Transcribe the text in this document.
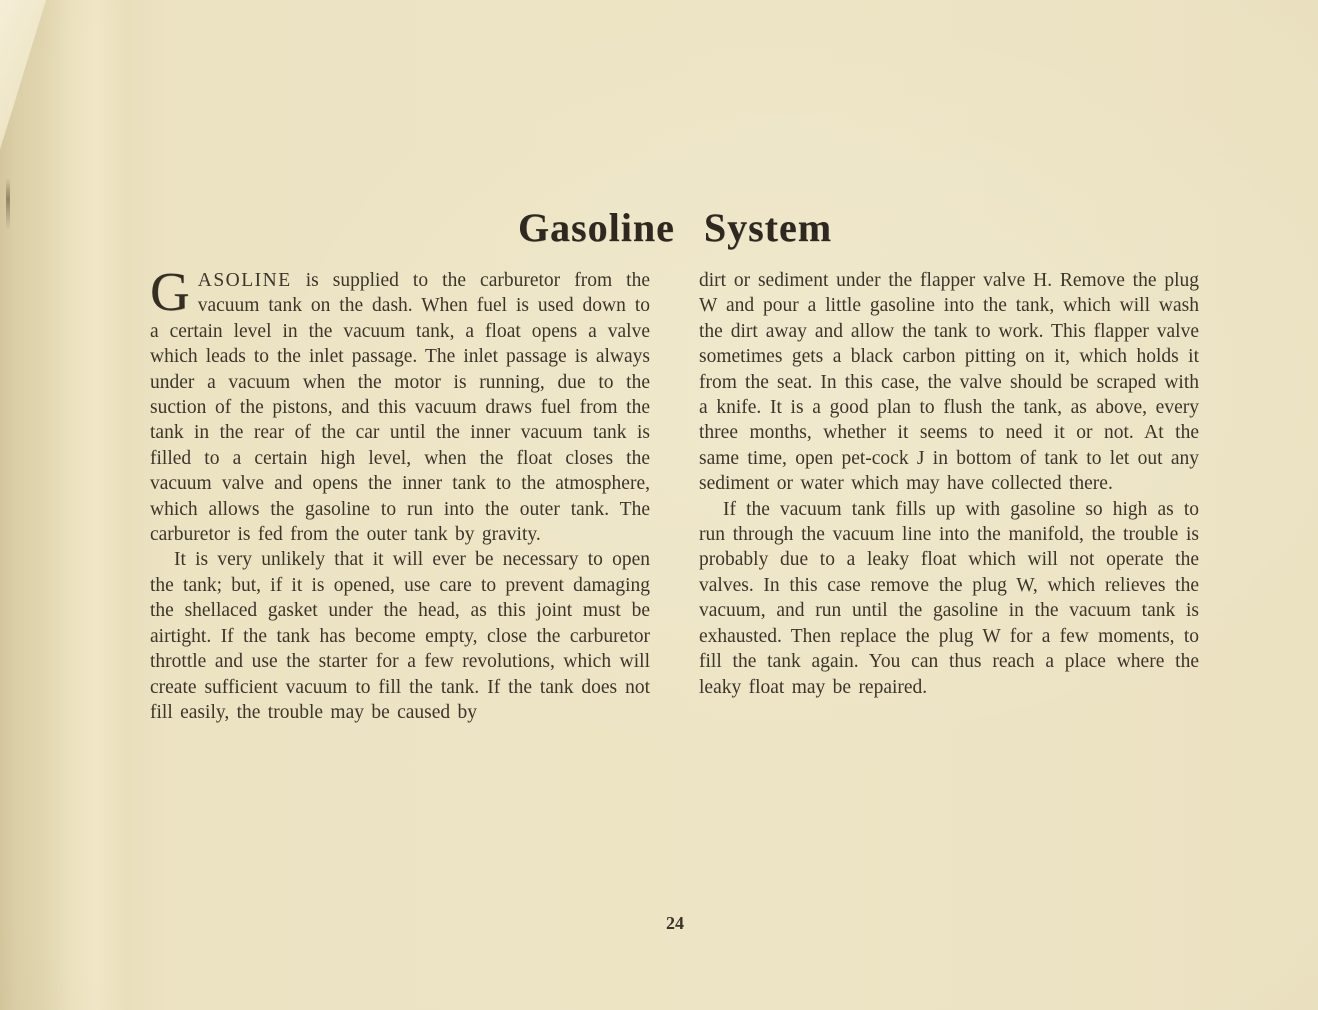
Gasoline System

GASOLINE is supplied to the carburetor from the vacuum tank on the dash. When fuel is used down to a certain level in the vacuum tank, a float opens a valve which leads to the inlet passage. The inlet passage is always under a vacuum when the motor is running, due to the suction of the pistons, and this vacuum draws fuel from the tank in the rear of the car until the inner vacuum tank is filled to a certain high level, when the float closes the vacuum valve and opens the inner tank to the atmosphere, which allows the gasoline to run into the outer tank. The carburetor is fed from the outer tank by gravity.

It is very unlikely that it will ever be necessary to open the tank; but, if it is opened, use care to prevent damaging the shellaced gasket under the head, as this joint must be airtight. If the tank has become empty, close the carburetor throttle and use the starter for a few revolutions, which will create sufficient vacuum to fill the tank. If the tank does not fill easily, the trouble may be caused by

dirt or sediment under the flapper valve H. Remove the plug W and pour a little gasoline into the tank, which will wash the dirt away and allow the tank to work. This flapper valve sometimes gets a black carbon pitting on it, which holds it from the seat. In this case, the valve should be scraped with a knife. It is a good plan to flush the tank, as above, every three months, whether it seems to need it or not. At the same time, open pet-cock J in bottom of tank to let out any sediment or water which may have collected there.

If the vacuum tank fills up with gasoline so high as to run through the vacuum line into the manifold, the trouble is probably due to a leaky float which will not operate the valves. In this case remove the plug W, which relieves the vacuum, and run until the gasoline in the vacuum tank is exhausted. Then replace the plug W for a few moments, to fill the tank again. You can thus reach a place where the leaky float may be repaired.

24
